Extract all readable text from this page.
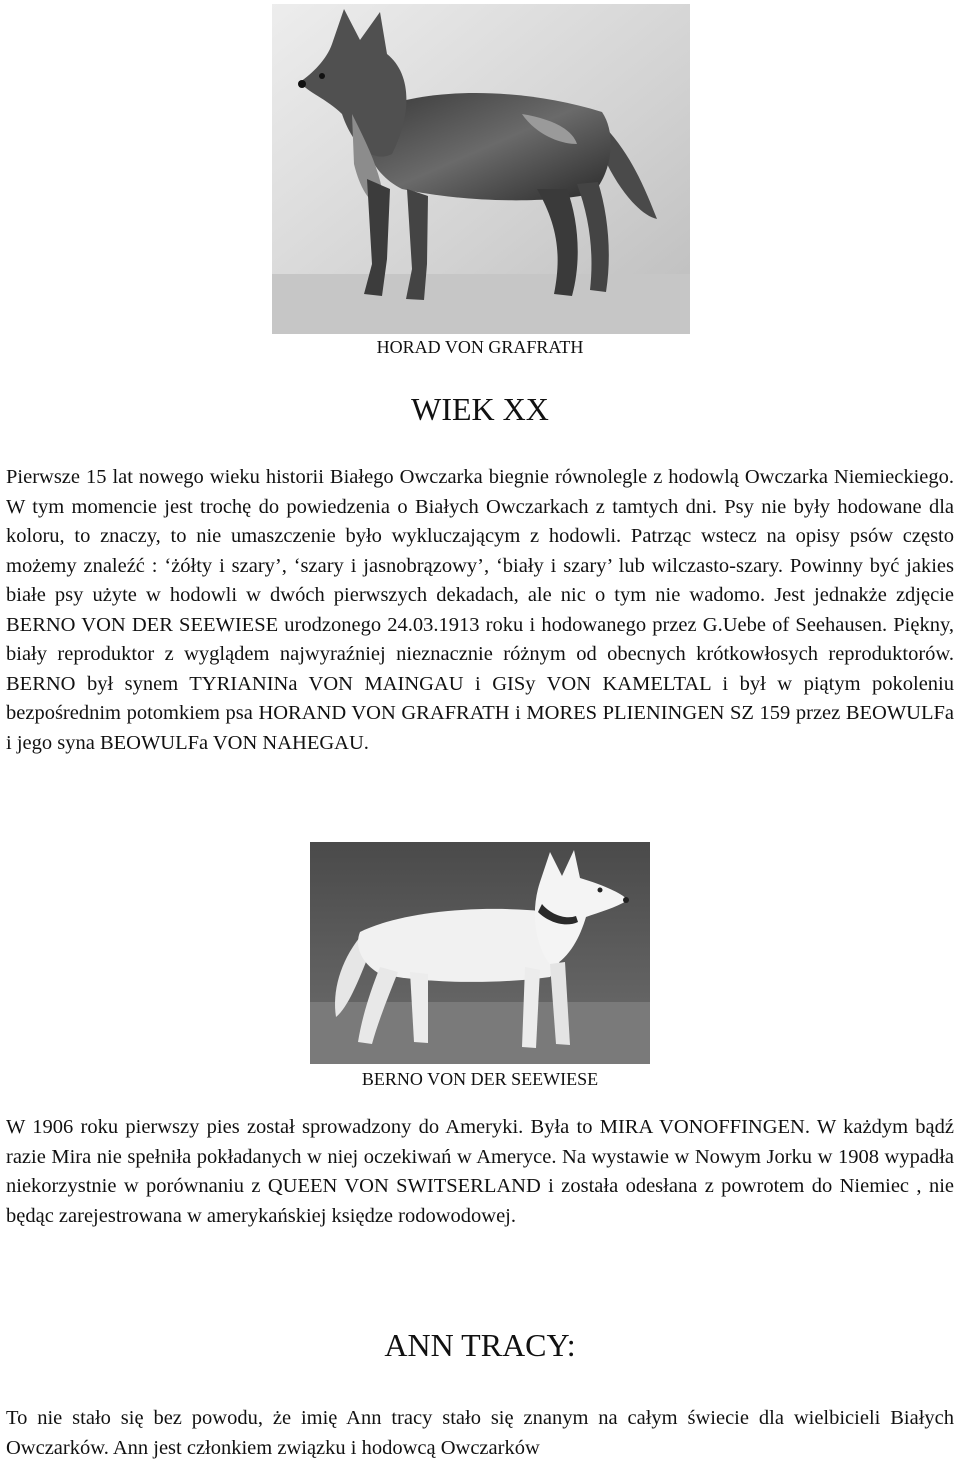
HORAD VON GRAFRATH

WIEK XX

Pierwsze 15 lat nowego wieku historii Białego Owczarka biegnie równolegle z hodowlą Owczarka Niemieckiego. W tym momencie jest trochę do powiedzenia o Białych Owczarkach z tamtych dni. Psy nie były hodowane dla koloru, to znaczy, to nie umaszczenie było wykluczającym z hodowli. Patrząc wstecz na opisy psów często możemy znaleźć : ‘żółty i szary’, ‘szary i jasnobrązowy’, ‘biały i szary’ lub wilczasto-szary. Powinny być jakies białe psy użyte w hodowli w dwóch pierwszych dekadach, ale nic o tym nie wadomo. Jest jednakże zdjęcie BERNO VON DER SEEWIESE urodzonego 24.03.1913 roku i hodowanego przez G.Uebe of Seehausen. Piękny, biały reproduktor z wyglądem najwyraźniej nieznacznie różnym od obecnych krótkowłosych reproduktorów. BERNO był synem TYRIANINa VON MAINGAU i GISy VON KAMELTAL i był w piątym pokoleniu bezpośrednim potomkiem psa HORAND VON GRAFRATH i MORES PLIENINGEN SZ 159 przez BEOWULFa i jego syna BEOWULFa VON NAHEGAU.

BERNO VON DER SEEWIESE

W 1906 roku pierwszy pies został sprowadzony do Ameryki. Była to MIRA VONOFFINGEN. W każdym bądź razie Mira nie spełniła pokładanych w niej oczekiwań w Ameryce. Na wystawie w Nowym Jorku w 1908 wypadła niekorzystnie w porównaniu z QUEEN VON SWITSERLAND i została odesłana z powrotem do Niemiec , nie będąc zarejestrowana w amerykańskiej księdze rodowodowej.

ANN TRACY:

To nie stało się bez powodu, że imię Ann tracy stało się znanym na całym świecie dla wielbicieli Białych Owczarków. Ann jest członkiem związku i hodowcą Owczarków
